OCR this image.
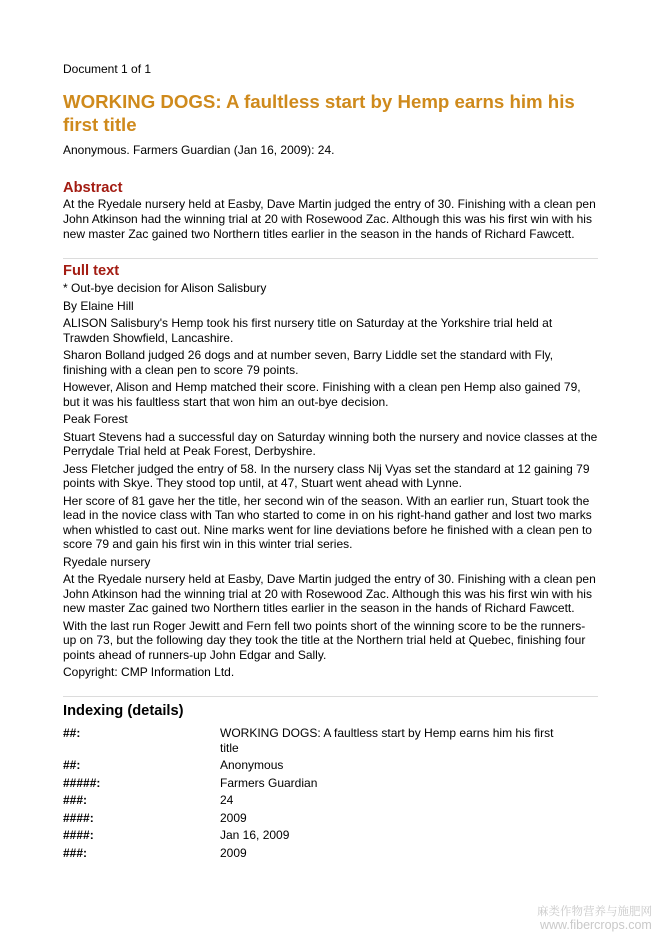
Document 1 of 1
WORKING DOGS: A faultless start by Hemp earns him his first title
Anonymous. Farmers Guardian (Jan 16, 2009): 24.
Abstract
At the Ryedale nursery held at Easby, Dave Martin judged the entry of 30. Finishing with a clean pen
John Atkinson had the winning trial at 20 with Rosewood Zac. Although this was his first win with his
new master Zac gained two Northern titles earlier in the season in the hands of Richard Fawcett.
Full text
* Out-bye decision for Alison Salisbury
By Elaine Hill
ALISON Salisbury's Hemp took his first nursery title on Saturday at the Yorkshire trial held at
Trawden Showfield, Lancashire.
Sharon Bolland judged 26 dogs and at number seven, Barry Liddle set the standard with Fly,
finishing with a clean pen to score 79 points.
However, Alison and Hemp matched their score. Finishing with a clean pen Hemp also gained 79,
but it was his faultless start that won him an out-bye decision.
Peak Forest
Stuart Stevens had a successful day on Saturday winning both the nursery and novice classes at the
Perrydale Trial held at Peak Forest, Derbyshire.
Jess Fletcher judged the entry of 58. In the nursery class Nij Vyas set the standard at 12 gaining 79
points with Skye. They stood top until, at 47, Stuart went ahead with Lynne.
Her score of 81 gave her the title, her second win of the season. With an earlier run, Stuart took the
lead in the novice class with Tan who started to come in on his right-hand gather and lost two marks
when whistled to cast out. Nine marks went for line deviations before he finished with a clean pen to
score 79 and gain his first win in this winter trial series.
Ryedale nursery
At the Ryedale nursery held at Easby, Dave Martin judged the entry of 30. Finishing with a clean pen
John Atkinson had the winning trial at 20 with Rosewood Zac. Although this was his first win with his
new master Zac gained two Northern titles earlier in the season in the hands of Richard Fawcett.
With the last run Roger Jewitt and Fern fell two points short of the winning score to be the runners-
up on 73, but the following day they took the title at the Northern trial held at Quebec, finishing four
points ahead of runners-up John Edgar and Sally.
Copyright: CMP Information Ltd.
Indexing (details)
##:	WORKING DOGS: A faultless start by Hemp earns him his first title
##:	Anonymous
#####:	Farmers Guardian
###:	24
####:	2009
####:	Jan 16, 2009
###:	2009
麻类作物营养与施肥网
www.fibercrops.com
